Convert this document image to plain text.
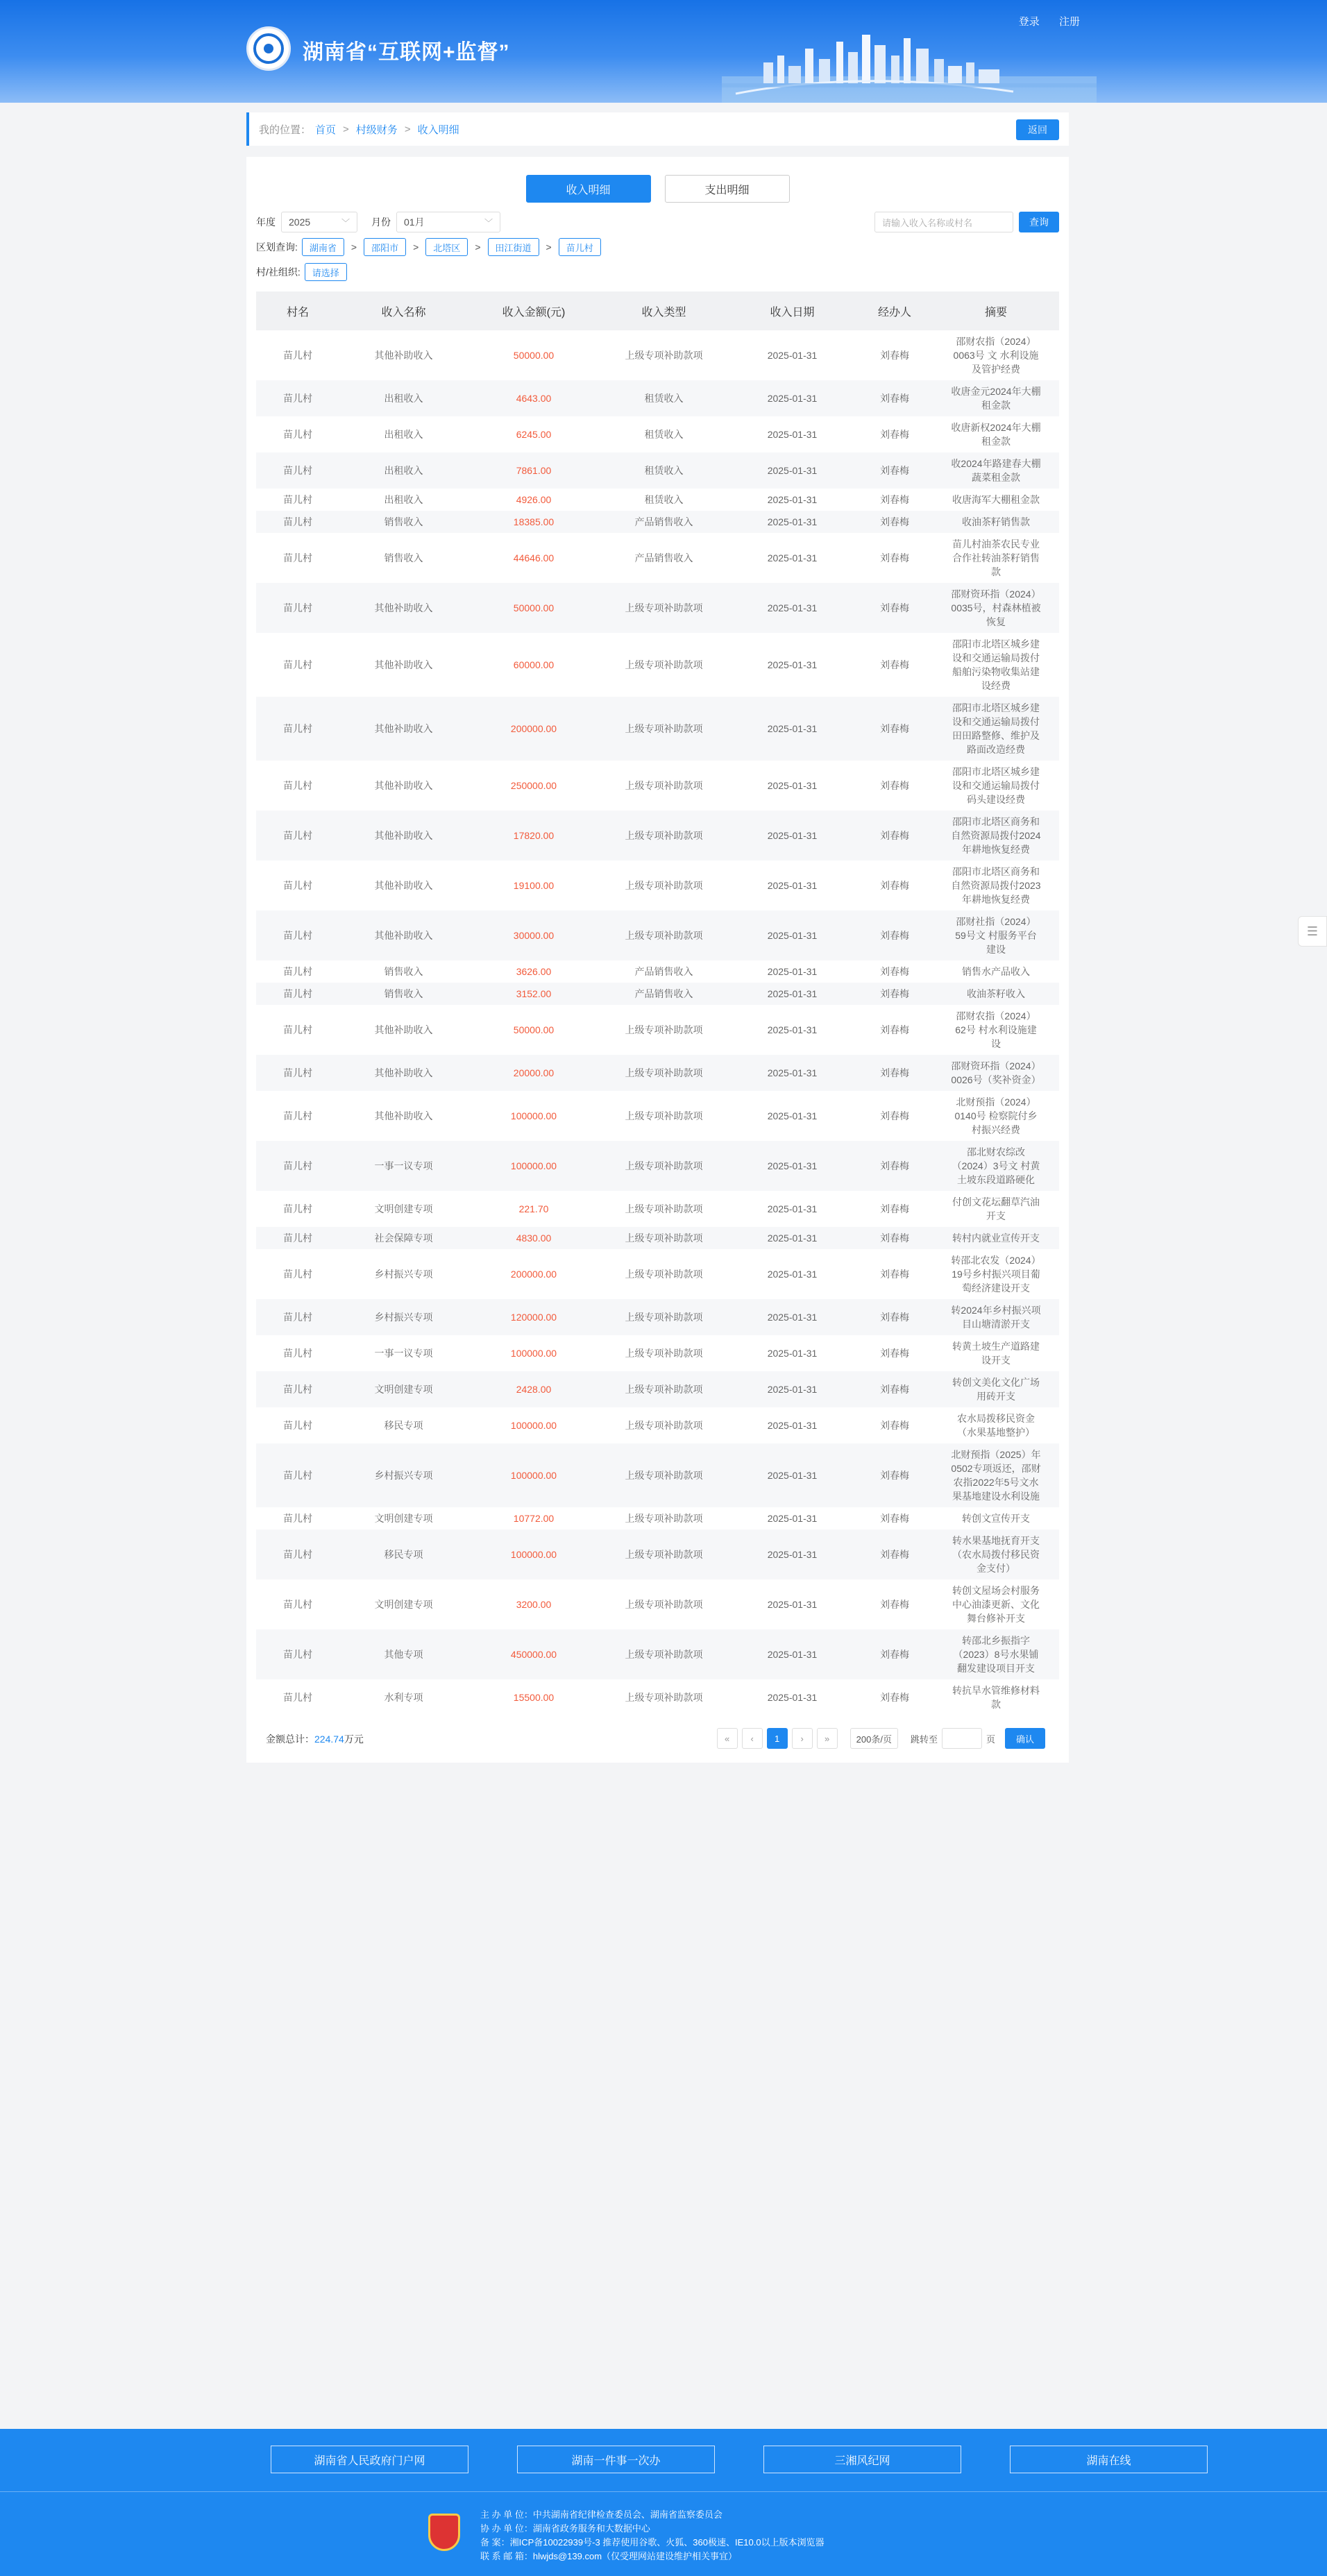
湖南省“互联网+监督”
登录 注册
我的位置： 首页 > 村级财务 > 收入明细	返回
收入明细	支出明细
年度 2025	﹀ 月份 01月	﹀	请输入收入名称或村名	查询
区划查询:	湖南省	>	邵阳市	>	北塔区	>	田江街道	>	苗儿村
村/社组织:	请选择
村名	收入名称	收入金额(元)	收入类型	收入日期	经办人	摘要
苗儿村	其他补助收入	50000.00	上级专项补助款项	2025-01-31	刘春梅	邵财农指（2024）0063号 文 水利设施及管护经费
苗儿村	出租收入	4643.00	租赁收入	2025-01-31	刘春梅	收唐金元2024年大棚租金款
苗儿村	出租收入	6245.00	租赁收入	2025-01-31	刘春梅	收唐新权2024年大棚租金款
苗儿村	出租收入	7861.00	租赁收入	2025-01-31	刘春梅	收2024年路建春大棚蔬菜租金款
苗儿村	出租收入	4926.00	租赁收入	2025-01-31	刘春梅	收唐海军大棚租金款
苗儿村	销售收入	18385.00	产品销售收入	2025-01-31	刘春梅	收油茶籽销售款
苗儿村	销售收入	44646.00	产品销售收入	2025-01-31	刘春梅	苗儿村油茶农民专业合作社转油茶籽销售款
苗儿村	其他补助收入	50000.00	上级专项补助款项	2025-01-31	刘春梅	邵财资环指（2024）0035号，村森林植被恢复
苗儿村	其他补助收入	60000.00	上级专项补助款项	2025-01-31	刘春梅	邵阳市北塔区城乡建设和交通运输局拨付船舶污染物收集站建设经费
苗儿村	其他补助收入	200000.00	上级专项补助款项	2025-01-31	刘春梅	邵阳市北塔区城乡建设和交通运输局拨付田田路整修、维护及路面改造经费
苗儿村	其他补助收入	250000.00	上级专项补助款项	2025-01-31	刘春梅	邵阳市北塔区城乡建设和交通运输局拨付码头建设经费
苗儿村	其他补助收入	17820.00	上级专项补助款项	2025-01-31	刘春梅	邵阳市北塔区商务和自然资源局拨付2024年耕地恢复经费
苗儿村	其他补助收入	19100.00	上级专项补助款项	2025-01-31	刘春梅	邵阳市北塔区商务和自然资源局拨付2023年耕地恢复经费
苗儿村	其他补助收入	30000.00	上级专项补助款项	2025-01-31	刘春梅	邵财社指（2024）59号文 村服务平台建设
苗儿村	销售收入	3626.00	产品销售收入	2025-01-31	刘春梅	销售水产品收入
苗儿村	销售收入	3152.00	产品销售收入	2025-01-31	刘春梅	收油茶籽收入
苗儿村	其他补助收入	50000.00	上级专项补助款项	2025-01-31	刘春梅	邵财农指（2024）62号 村水利设施建设
苗儿村	其他补助收入	20000.00	上级专项补助款项	2025-01-31	刘春梅	邵财资环指（2024）0026号（奖补资金）
苗儿村	其他补助收入	100000.00	上级专项补助款项	2025-01-31	刘春梅	北财预指（2024）0140号 检察院付乡村振兴经费
苗儿村	一事一议专项	100000.00	上级专项补助款项	2025-01-31	刘春梅	邵北财农综改（2024）3号文 村黄土坡东段道路硬化
苗儿村	文明创建专项	221.70	上级专项补助款项	2025-01-31	刘春梅	付创文花坛翻草汽油开支
苗儿村	社会保障专项	4830.00	上级专项补助款项	2025-01-31	刘春梅	转村内就业宣传开支
苗儿村	乡村振兴专项	200000.00	上级专项补助款项	2025-01-31	刘春梅	转邵北农发（2024）19号乡村振兴项目葡萄经济建设开支
苗儿村	乡村振兴专项	120000.00	上级专项补助款项	2025-01-31	刘春梅	转2024年乡村振兴项目山塘清淤开支
苗儿村	一事一议专项	100000.00	上级专项补助款项	2025-01-31	刘春梅	转黄土坡生产道路建设开支
苗儿村	文明创建专项	2428.00	上级专项补助款项	2025-01-31	刘春梅	转创文美化文化广场用砖开支
苗儿村	移民专项	100000.00	上级专项补助款项	2025-01-31	刘春梅	农水局拨移民资金（水果基地整护）
苗儿村	乡村振兴专项	100000.00	上级专项补助款项	2025-01-31	刘春梅	北财预指（2025）年0502专项返还，邵财农指2022年5号文水果基地建设水利设施
苗儿村	文明创建专项	10772.00	上级专项补助款项	2025-01-31	刘春梅	转创文宣传开支
苗儿村	移民专项	100000.00	上级专项补助款项	2025-01-31	刘春梅	转水果基地抚育开支（农水局拨付移民资金支付）
苗儿村	文明创建专项	3200.00	上级专项补助款项	2025-01-31	刘春梅	转创文屋场会村服务中心油漆更新、文化舞台修补开支
苗儿村	其他专项	450000.00	上级专项补助款项	2025-01-31	刘春梅	转邵北乡振指字（2023）8号水果铺翻发建设项目开支
苗儿村	水利专项	15500.00	上级专项补助款项	2025-01-31	刘春梅	转抗旱水管维修材料款
金额总计： 224.74 万元	«	‹	1	›	»	200条/页 跳转至	页	确认
☰
湖南省人民政府门户网	湖南一件事一次办	三湘风纪网	湖南在线
主 办 单 位：中共湖南省纪律检查委员会、湖南省监察委员会
协 办 单 位：湖南省政务服务和大数据中心
备 案：湘ICP备10022939号-3 推荐使用谷歌、火狐、360极速、IE10.0以上版本浏览器
联 系 邮 箱：hlwjds@139.com（仅受理网站建设维护相关事宜）
